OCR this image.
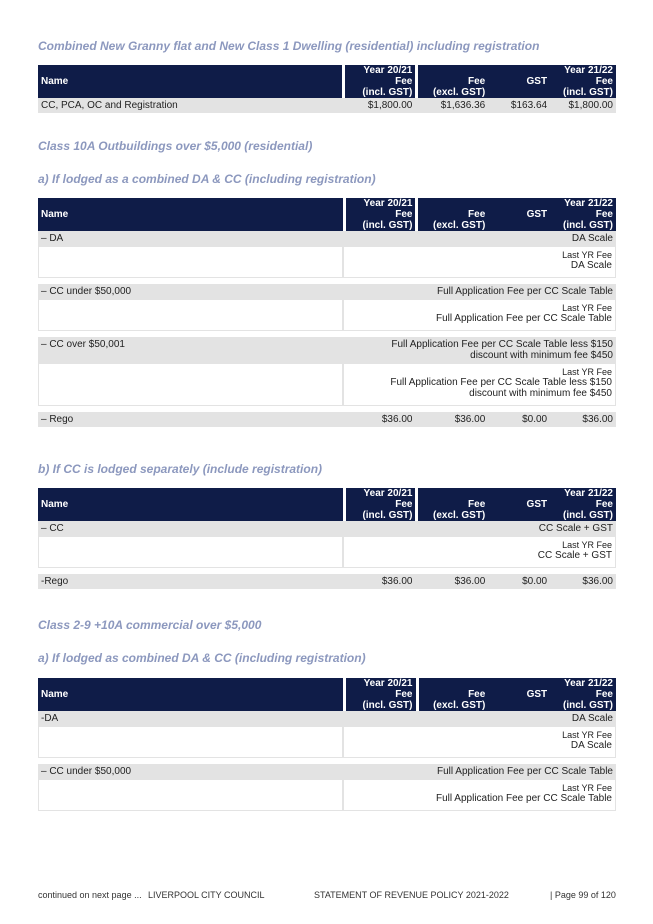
Combined New Granny flat and New Class 1 Dwelling (residential) including registration
Name	Year 20/21
Fee
(incl. GST)	Fee
(excl. GST)	GST	Year 21/22
Fee
(incl. GST)

CC, PCA, OC and Registration	$1,800.00	$1,636.36	$163.64	$1,800.00
Class 10A Outbuildings over $5,000 (residential)
a) If lodged as a combined DA & CC (including registration)
Name	Year 20/21
Fee
(incl. GST)	Fee
(excl. GST)	GST	Year 21/22
Fee
(incl. GST)

– DA	DA Scale			

	Last YR Fee
DA Scale			

– CC under $50,000	Full Application Fee per CC Scale Table			

	Last YR Fee
Full Application Fee per CC Scale Table			

– CC over $50,001	Full Application Fee per CC Scale Table less $150
discount with minimum fee $450			

	Last YR Fee
Full Application Fee per CC Scale Table less $150
discount with minimum fee $450			

– Rego	$36.00	$36.00	$0.00	$36.00
b) If CC is lodged separately (include registration)
Name	Year 20/21
Fee
(incl. GST)	Fee
(excl. GST)	GST	Year 21/22
Fee
(incl. GST)

– CC	CC Scale + GST			

	Last YR Fee
CC Scale + GST			

-Rego	$36.00	$36.00	$0.00	$36.00
Class 2-9 +10A commercial over $5,000
a) If lodged as combined DA & CC (including registration)
Name	Year 20/21
Fee
(incl. GST)	Fee
(excl. GST)	GST	Year 21/22
Fee
(incl. GST)

-DA	DA Scale			

	Last YR Fee
DA Scale			

– CC under $50,000	Full Application Fee per CC Scale Table			

	Last YR Fee
Full Application Fee per CC Scale Table			
continued on next page ... LIVERPOOL CITY COUNCIL	STATEMENT OF REVENUE POLICY 2021-2022	| Page 99 of 120
